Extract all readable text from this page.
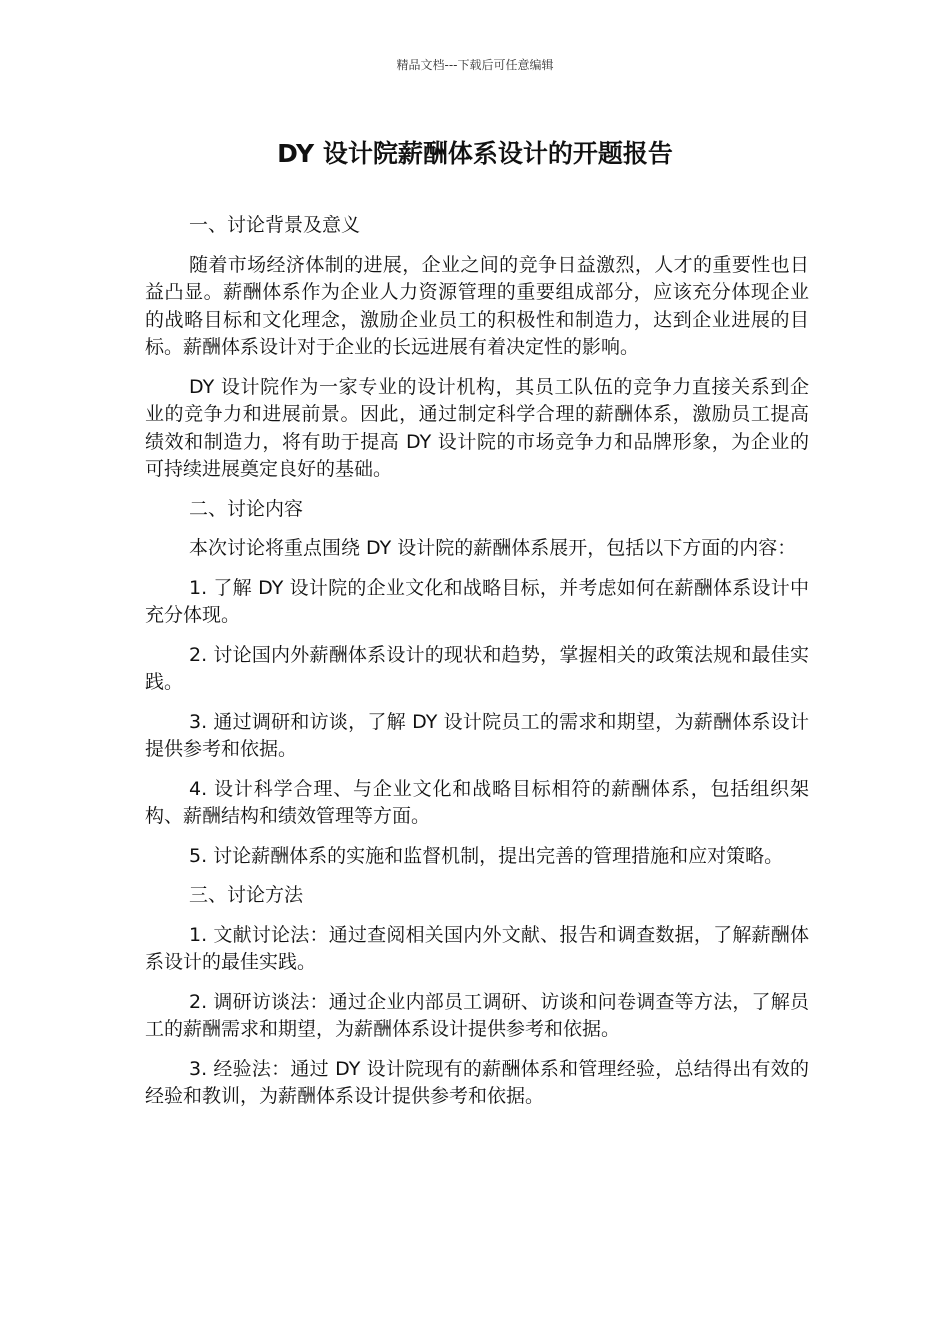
精品文档---下载后可任意编辑
DY 设计院薪酬体系设计的开题报告

一、讨论背景及意义

随着市场经济体制的进展，企业之间的竞争日益激烈，人才的重要性也日益凸显。薪酬体系作为企业人力资源管理的重要组成部分，应该充分体现企业的战略目标和文化理念，激励企业员工的积极性和制造力，达到企业进展的目标。薪酬体系设计对于企业的长远进展有着决定性的影响。

DY 设计院作为一家专业的设计机构，其员工队伍的竞争力直接关系到企业的竞争力和进展前景。因此，通过制定科学合理的薪酬体系，激励员工提高绩效和制造力，将有助于提高 DY 设计院的市场竞争力和品牌形象，为企业的可持续进展奠定良好的基础。

二、讨论内容

本次讨论将重点围绕 DY 设计院的薪酬体系展开，包括以下方面的内容：

1. 了解 DY 设计院的企业文化和战略目标，并考虑如何在薪酬体系设计中充分体现。

2. 讨论国内外薪酬体系设计的现状和趋势，掌握相关的政策法规和最佳实践。

3. 通过调研和访谈，了解 DY 设计院员工的需求和期望，为薪酬体系设计提供参考和依据。

4. 设计科学合理、与企业文化和战略目标相符的薪酬体系，包括组织架构、薪酬结构和绩效管理等方面。

5. 讨论薪酬体系的实施和监督机制，提出完善的管理措施和应对策略。

三、讨论方法

1. 文献讨论法：通过查阅相关国内外文献、报告和调查数据，了解薪酬体系设计的最佳实践。

2. 调研访谈法：通过企业内部员工调研、访谈和问卷调查等方法，了解员工的薪酬需求和期望，为薪酬体系设计提供参考和依据。

3. 经验法：通过 DY 设计院现有的薪酬体系和管理经验，总结得出有效的经验和教训，为薪酬体系设计提供参考和依据。
